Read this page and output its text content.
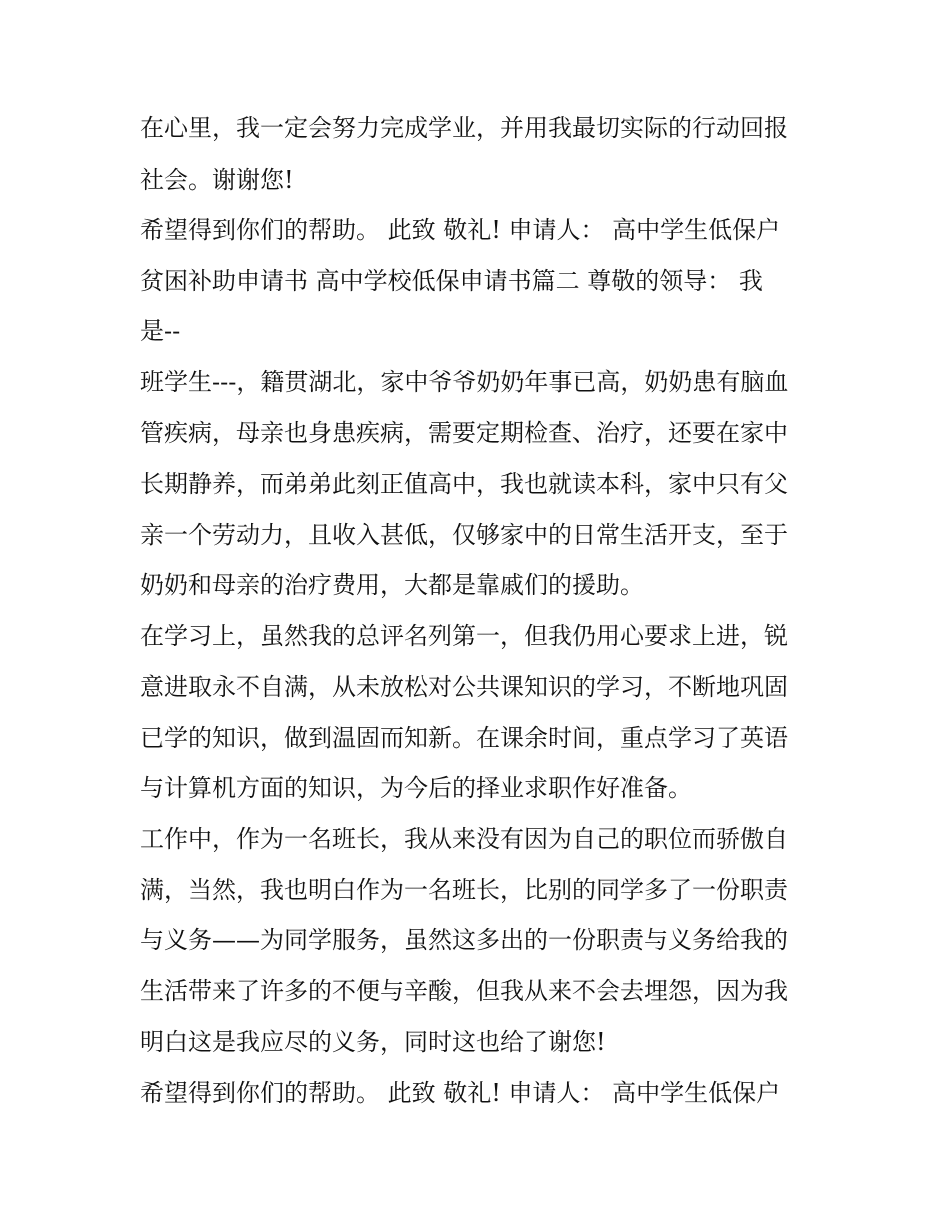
在心里，我一定会努力完成学业，并用我最切实际的行动回报
社会。谢谢您!
希望得到你们的帮助。 此致 敬礼! 申请人： 高中学生低保户
贫困补助申请书 高中学校低保申请书篇二 尊敬的领导： 我
是--
班学生---，籍贯湖北，家中爷爷奶奶年事已高，奶奶患有脑血
管疾病，母亲也身患疾病，需要定期检查、治疗，还要在家中
长期静养，而弟弟此刻正值高中，我也就读本科，家中只有父
亲一个劳动力，且收入甚低，仅够家中的日常生活开支，至于
奶奶和母亲的治疗费用，大都是靠戚们的援助。
在学习上，虽然我的总评名列第一，但我仍用心要求上进，锐
意进取永不自满，从未放松对公共课知识的学习，不断地巩固
已学的知识，做到温固而知新。在课余时间，重点学习了英语
与计算机方面的知识，为今后的择业求职作好准备。
工作中，作为一名班长，我从来没有因为自己的职位而骄傲自
满，当然，我也明白作为一名班长，比别的同学多了一份职责
与义务——为同学服务，虽然这多出的一份职责与义务给我的
生活带来了许多的不便与辛酸，但我从来不会去埋怨，因为我
明白这是我应尽的义务，同时这也给了谢您!
希望得到你们的帮助。 此致 敬礼! 申请人： 高中学生低保户
